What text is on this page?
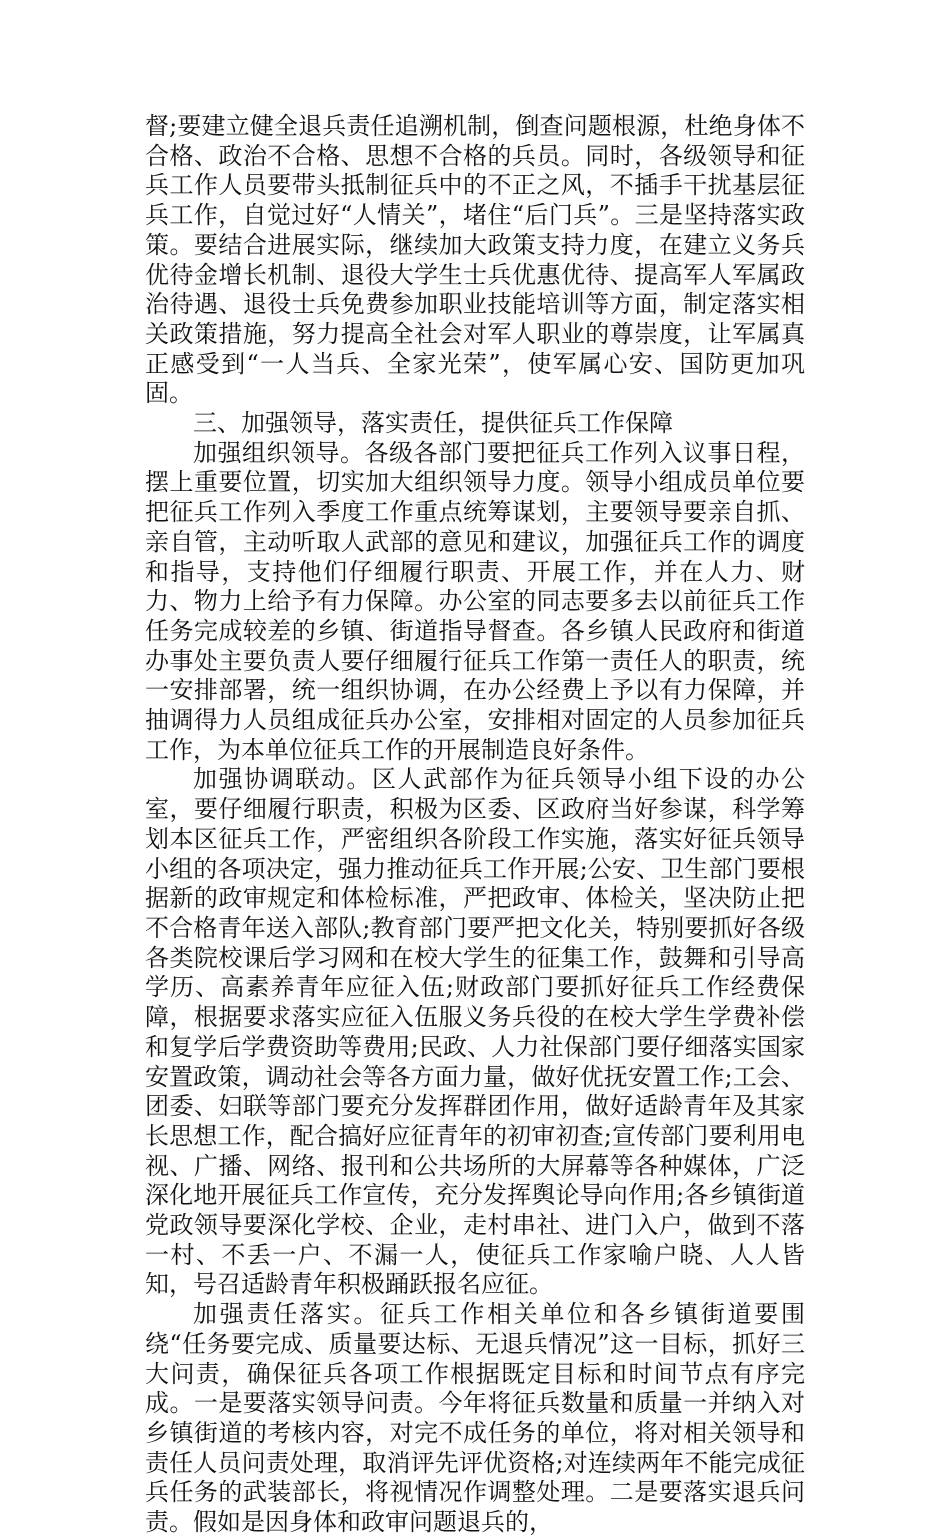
督;要建立健全退兵责任追溯机制，倒查问题根源，杜绝身体不合格、政治不合格、思想不合格的兵员。同时，各级领导和征兵工作人员要带头抵制征兵中的不正之风，不插手干扰基层征兵工作，自觉过好“人情关”，堵住“后门兵”。三是坚持落实政策。要结合进展实际，继续加大政策支持力度，在建立义务兵优待金增长机制、退役大学生士兵优惠优待、提高军人军属政治待遇、退役士兵免费参加职业技能培训等方面，制定落实相关政策措施，努力提高全社会对军人职业的尊崇度，让军属真正感受到“一人当兵、全家光荣”，使军属心安、国防更加巩固。

三、加强领导，落实责任，提供征兵工作保障

加强组织领导。各级各部门要把征兵工作列入议事日程，摆上重要位置，切实加大组织领导力度。领导小组成员单位要把征兵工作列入季度工作重点统筹谋划，主要领导要亲自抓、亲自管，主动听取人武部的意见和建议，加强征兵工作的调度和指导，支持他们仔细履行职责、开展工作，并在人力、财力、物力上给予有力保障。办公室的同志要多去以前征兵工作任务完成较差的乡镇、街道指导督查。各乡镇人民政府和街道办事处主要负责人要仔细履行征兵工作第一责任人的职责，统一安排部署，统一组织协调，在办公经费上予以有力保障，并抽调得力人员组成征兵办公室，安排相对固定的人员参加征兵工作，为本单位征兵工作的开展制造良好条件。

加强协调联动。区人武部作为征兵领导小组下设的办公室，要仔细履行职责，积极为区委、区政府当好参谋，科学筹划本区征兵工作，严密组织各阶段工作实施，落实好征兵领导小组的各项决定，强力推动征兵工作开展;公安、卫生部门要根据新的政审规定和体检标准，严把政审、体检关，坚决防止把不合格青年送入部队;教育部门要严把文化关，特别要抓好各级各类院校课后学习网和在校大学生的征集工作，鼓舞和引导高学历、高素养青年应征入伍;财政部门要抓好征兵工作经费保障，根据要求落实应征入伍服义务兵役的在校大学生学费补偿和复学后学费资助等费用;民政、人力社保部门要仔细落实国家安置政策，调动社会等各方面力量，做好优抚安置工作;工会、团委、妇联等部门要充分发挥群团作用，做好适龄青年及其家长思想工作，配合搞好应征青年的初审初查;宣传部门要利用电视、广播、网络、报刊和公共场所的大屏幕等各种媒体，广泛深化地开展征兵工作宣传，充分发挥舆论导向作用;各乡镇街道党政领导要深化学校、企业，走村串社、进门入户，做到不落一村、不丢一户、不漏一人，使征兵工作家喻户晓、人人皆知，号召适龄青年积极踊跃报名应征。

加强责任落实。征兵工作相关单位和各乡镇街道要围绕“任务要完成、质量要达标、无退兵情况”这一目标，抓好三大问责，确保征兵各项工作根据既定目标和时间节点有序完成。一是要落实领导问责。今年将征兵数量和质量一并纳入对乡镇街道的考核内容，对完不成任务的单位，将对相关领导和责任人员问责处理，取消评先评优资格;对连续两年不能完成征兵任务的武装部长，将视情况作调整处理。二是要落实退兵问责。假如是因身体和政审问题退兵的，
